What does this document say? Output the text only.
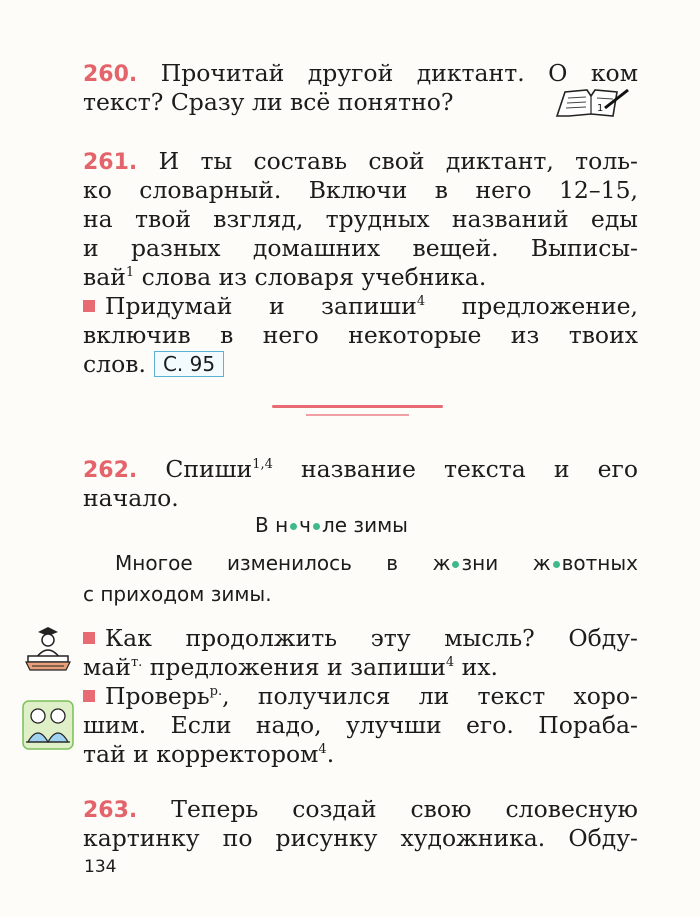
260. Прочитай другой диктант. О ком
текст? Сразу ли всё понятно?	1
261. И ты составь свой диктант, толь-
ко словарный. Включи в него 12–15,
на твой взгляд, трудных названий еды
и разных домашних вещей. Выписы-
вай$^1$ слова из словаря учебника.
Придумай и запиши$^4$ предложение,
включив в него некоторые из твоих
слов. С. 95
262. Спиши$^{1,4}$ название текста и его
начало.
В н ч ле зимы
Многое изменилось в ж зни ж вотных
с приходом зимы.
Как продолжить эту мысль? Обду-
май$^{т.}$ предложения и запиши$^4$ их.
Проверь$^{р.}$, получился ли текст хоро-
шим. Если надо, улучши его. Пораба-
тай и корректором$^4$.
263. Теперь создай свою словесную
картинку по рисунку художника. Обду-
134
